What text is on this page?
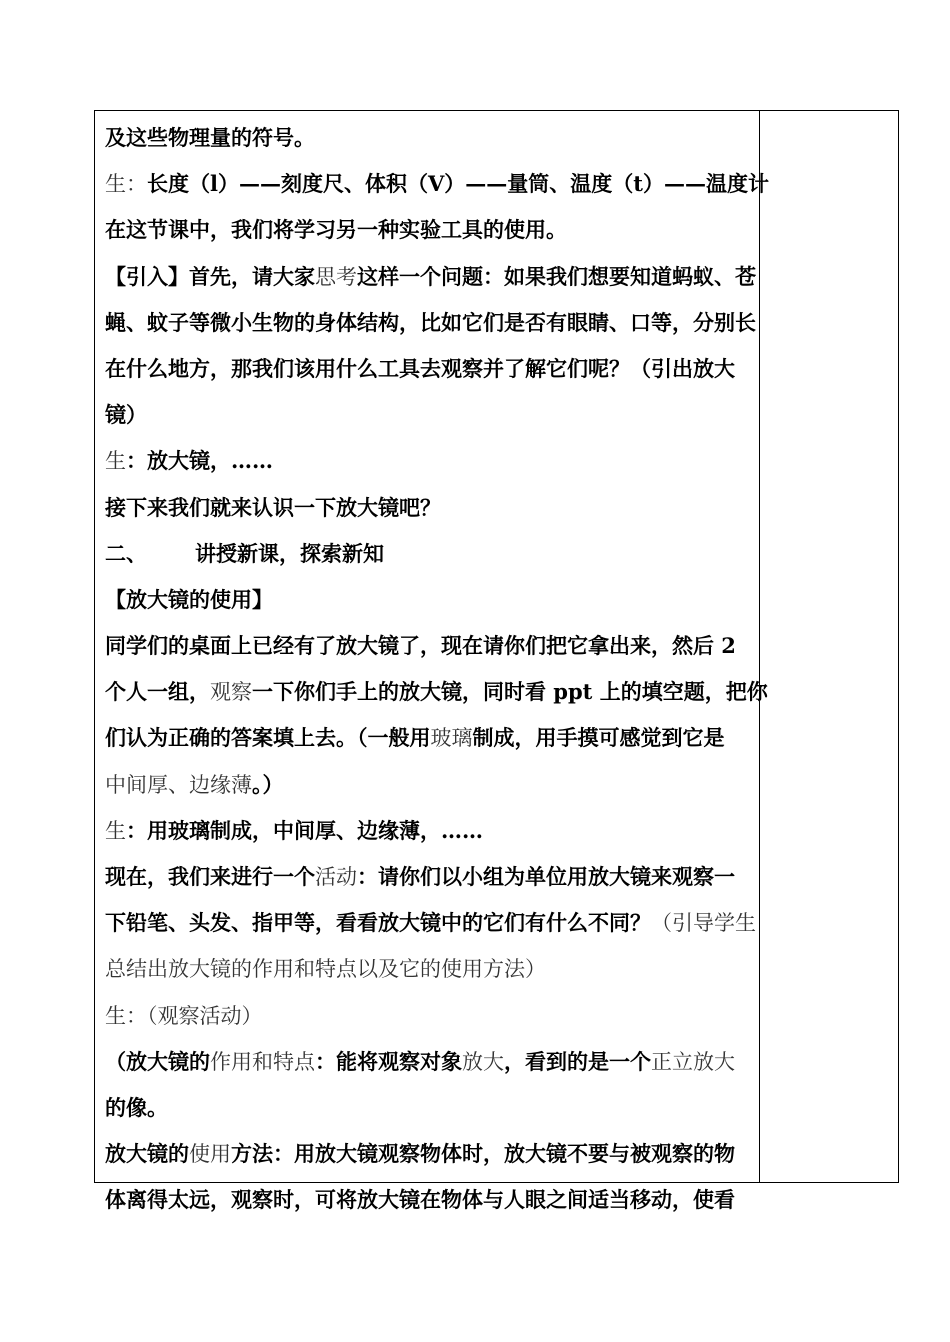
及这些物理量的符号。
生：长度（l）——刻度尺、体积（V）——量筒、温度（t）——温度计
在这节课中，我们将学习另一种实验工具的使用。
【引入】首先，请大家思考这样一个问题：如果我们想要知道蚂蚁、苍
蝇、蚊子等微小生物的身体结构，比如它们是否有眼睛、口等，分别长
在什么地方，那我们该用什么工具去观察并了解它们呢？（引出放大
镜）
生：放大镜，……
接下来我们就来认识一下放大镜吧？
二、 讲授新课，探索新知
【放大镜的使用】
同学们的桌面上已经有了放大镜了，现在请你们把它拿出来，然后 2
个人一组，观察一下你们手上的放大镜，同时看 ppt 上的填空题，把你
们认为正确的答案填上去。（一般用玻璃制成，用手摸可感觉到它是
中间厚、边缘薄。）
生：用玻璃制成，中间厚、边缘薄，……
现在，我们来进行一个活动：请你们以小组为单位用放大镜来观察一
下铅笔、头发、指甲等，看看放大镜中的它们有什么不同？（引导学生
总结出放大镜的作用和特点以及它的使用方法）
生：（观察活动）
（放大镜的作用和特点：能将观察对象放大，看到的是一个正立放大
的像。
放大镜的使用方法：用放大镜观察物体时，放大镜不要与被观察的物
体离得太远，观察时，可将放大镜在物体与人眼之间适当移动，使看
